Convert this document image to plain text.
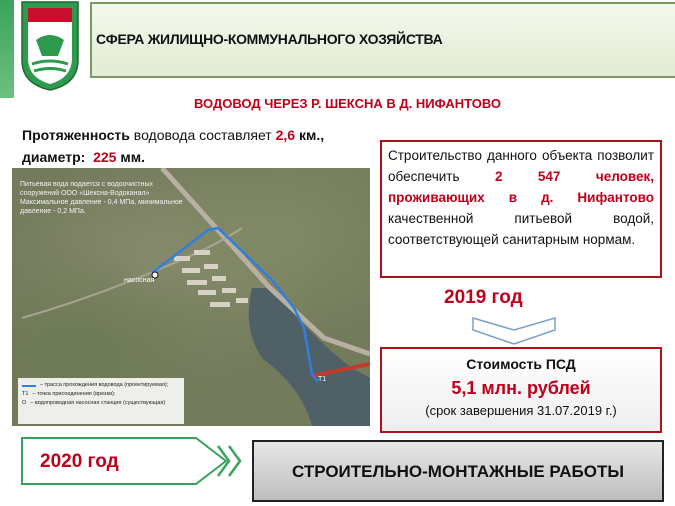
СФЕРА ЖИЛИЩНО-КОММУНАЛЬНОГО ХОЗЯЙСТВА
ВОДОВОД ЧЕРЕЗ Р. ШЕКСНА В Д. НИФАНТОВО
Протяженность водовода составляет 2,6 км.,
диаметр: 225 мм.
Питьевая вода подается с водоочистных сооружений ООО «Шексна-Водоканал» Максимальное давление - 0,4 МПа, минимальное давление - 0,2 МПа.
насосная
Т1
– трасса прохождения водовода (проектируемая);
Т1 – точка присоединения (врезки);
O – водопроводная насосная станция (существующая)
Строительство данного объекта позволит обеспечить 2 547 человек, проживающих в д. Нифантово качественной питьевой водой, соответствующей санитарным нормам.
2019 год
Стоимость ПСД
5,1 млн. рублей
(срок завершения 31.07.2019 г.)
2020 год	СТРОИТЕЛЬНО-МОНТАЖНЫЕ РАБОТЫ
